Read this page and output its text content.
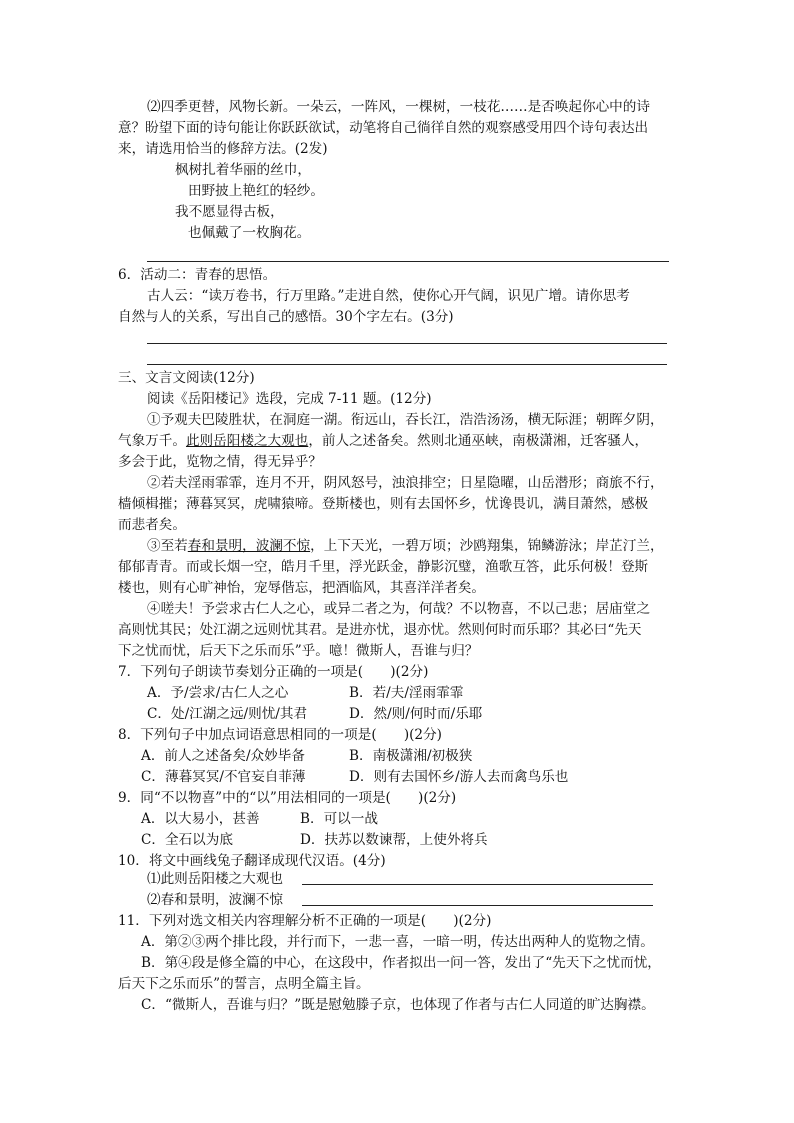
⑵四季更替，风物长新。一朵云，一阵风，一棵树，一枝花……是否唤起你心中的诗
意？盼望下面的诗句能让你跃跃欲试，动笔将自己徜徉自然的观察感受用四个诗句表达出
来，请选用恰当的修辞方法。(2发)
枫树扎着华丽的丝巾，
田野披上艳红的轻纱。
我不愿显得古板，
也佩戴了一枚胸花。
6．活动二：青春的思悟。
古人云：“读万卷书，行万里路。”走进自然，使你心开气阔，识见广增。请你思考
自然与人的关系，写出自己的感悟。30个字左右。(3分)
三、文言文阅读(12分)
阅读《岳阳楼记》选段，完成 7-11 题。(12分)
①予观夫巴陵胜状，在洞庭一湖。衔远山，吞长江，浩浩汤汤，横无际涯；朝晖夕阴，
气象万千。此则岳阳楼之大观也，前人之述备矣。然则北通巫峡，南极潇湘，迁客骚人，
多会于此，览物之情，得无异乎？
②若夫淫雨霏霏，连月不开，阴风怒号，浊浪排空；日星隐曜，山岳潜形；商旅不行，
樯倾楫摧；薄暮冥冥，虎啸猿啼。登斯楼也，则有去国怀乡，忧谗畏讥，满目萧然，感极
而悲者矣。
③至若春和景明，波澜不惊，上下天光，一碧万顷；沙鸥翔集，锦鳞游泳；岸芷汀兰，
郁郁青青。而或长烟一空，皓月千里，浮光跃金，静影沉璧，渔歌互答，此乐何极！登斯
楼也，则有心旷神怡，宠辱偕忘，把酒临风，其喜洋洋者矣。
④嗟夫！予尝求古仁人之心，或异二者之为，何哉？不以物喜，不以己悲；居庙堂之
高则忧其民；处江湖之远则忧其君。是进亦忧，退亦忧。然则何时而乐耶？其必曰“先天
下之忧而忧，后天下之乐而乐”乎。噫！微斯人，吾谁与归？
7．下列句子朗读节奏划分正确的一项是(　　)(2分)
A．予/尝求/古仁人之心	B．若/夫/淫雨霏霏
C．处/江湖之远/则忧/其君	D．然/则/何时而/乐耶
8．下列句子中加点词语意思相同的一项是(　　)(2分)
A．前人之述备矣/众妙毕备	B．南极潇湘/初极狭
C．薄暮冥冥/不官妄自菲薄	D．则有去国怀乡/游人去而禽鸟乐也
9．同“不以物喜”中的“以”用法相同的一项是(　　)(2分)
A．以大易小，甚善	B．可以一战
C．全石以为底	D．扶苏以数谏帮，上使外将兵
10．将文中画线兔子翻译成现代汉语。(4分)
⑴此则岳阳楼之大观也
⑵春和景明，波澜不惊
11．下列对选文相关内容理解分析不正确的一项是(　　)(2分)
A．第②③两个排比段，并行而下，一悲一喜，一暗一明，传达出两种人的览物之情。
B．第④段是修全篇的中心，在这段中，作者拟出一问一答，发出了“先天下之忧而忧，
后天下之乐而乐”的誓言，点明全篇主旨。
C．“微斯人，吾谁与归？”既是慰勉滕子京，也体现了作者与古仁人同道的旷达胸襟。
